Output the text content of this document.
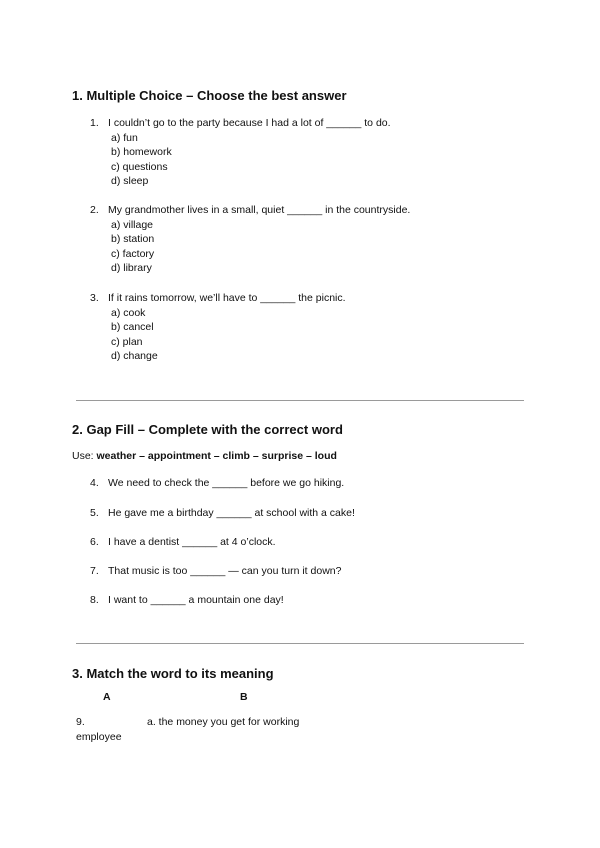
1. Multiple Choice – Choose the best answer
1. I couldn’t go to the party because I had a lot of ______ to do.
a) fun
b) homework
c) questions
d) sleep
2. My grandmother lives in a small, quiet ______ in the countryside.
a) village
b) station
c) factory
d) library
3. If it rains tomorrow, we’ll have to ______ the picnic.
a) cook
b) cancel
c) plan
d) change
2. Gap Fill – Complete with the correct word
Use: weather – appointment – climb – surprise – loud
4. We need to check the ______ before we go hiking.
5. He gave me a birthday ______ at school with a cake!
6. I have a dentist ______ at 4 o’clock.
7. That music is too ______ — can you turn it down?
8. I want to ______ a mountain one day!
3. Match the word to its meaning
A	B
9.	a. the money you get for working
employee
